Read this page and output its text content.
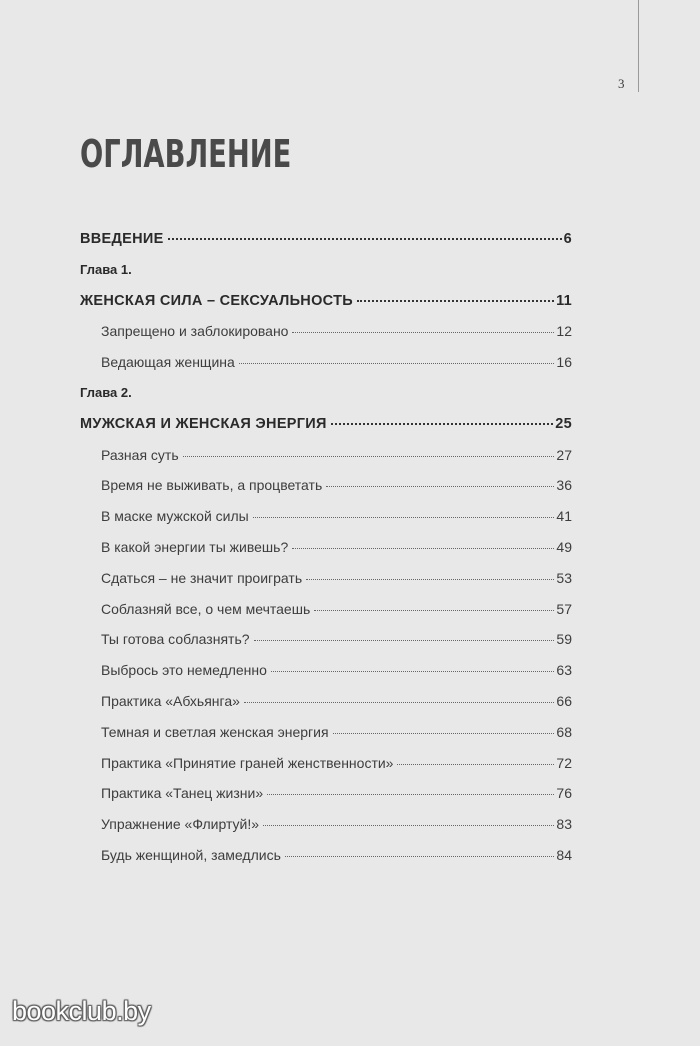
3
ОГЛАВЛЕНИЕ
ВВЕДЕНИЕ	6
Глава 1.
ЖЕНСКАЯ СИЛА – СЕКСУАЛЬНОСТЬ	11
Запрещено и заблокировано	12
Ведающая женщина	16
Глава 2.
МУЖСКАЯ И ЖЕНСКАЯ ЭНЕРГИЯ	25
Разная суть	27
Время не выживать, а процветать	36
В маске мужской силы	41
В какой энергии ты живешь?	49
Сдаться – не значит проиграть	53
Соблазняй все, о чем мечтаешь	57
Ты готова соблазнять?	59
Выбрось это немедленно	63
Практика «Абхьянга»	66
Темная и светлая женская энергия	68
Практика «Принятие граней женственности»	72
Практика «Танец жизни»	76
Упражнение «Флиртуй!»	83
Будь женщиной, замедлись	84
bookclub.by
